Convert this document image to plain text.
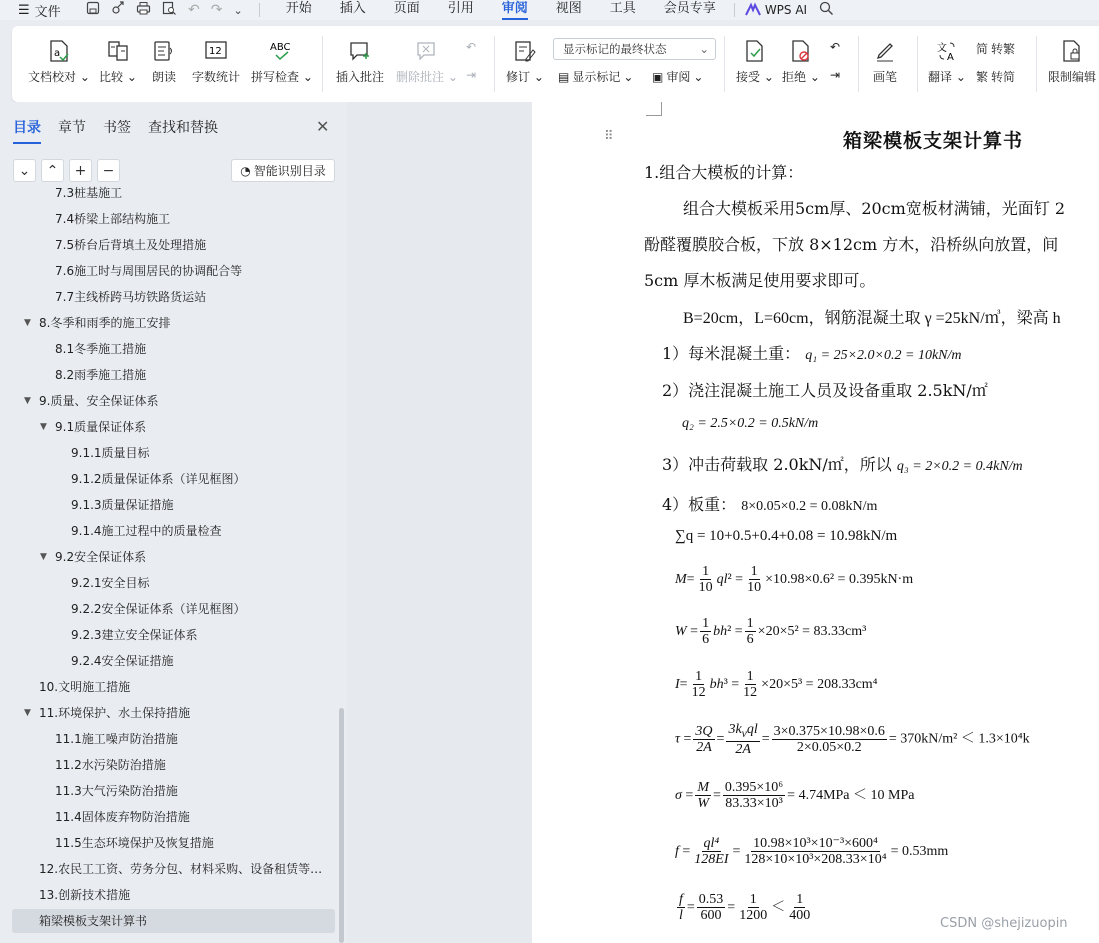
☰ 文件	↶ ↷ ⌄	开始	插入	页面	引用	审阅	视图	工具	会员专享	WPS AI
a
文档校对 ⌄ 比较 ⌄ 朗读
12
字数统计
ABC
拼写检查 ⌄ 插入批注 删除批注 ⌄
↶
⇥ 修订 ⌄
显示标记的最终状态	⌄
▤ 显示标记 ⌄ ▣ 审阅 ⌄	接受 ⌄ 拒绝 ⌄
↶
⇥	画笔
文
A
翻译 ⌄
简 转繁
繁 转简	限制编辑
目录 章节 书签 查找和替换	✕
⌄ ⌃ + −	◔ 智能识别目录
7.3桩基施工
7.4桥梁上部结构施工
7.5桥台后背填土及处理措施
7.6施工时与周围居民的协调配合等
7.7主线桥跨马坊铁路货运站
▼ 8.冬季和雨季的施工安排
8.1冬季施工措施
8.2雨季施工措施
▼ 9.质量、安全保证体系
▼ 9.1质量保证体系
9.1.1质量目标
9.1.2质量保证体系（详见框图）
9.1.3质量保证措施
9.1.4施工过程中的质量检查
▼ 9.2安全保证体系
9.2.1安全目标
9.2.2安全保证体系（详见框图）
9.2.3建立安全保证体系
9.2.4安全保证措施
10.文明施工措施
▼ 11.环境保护、水土保持措施
11.1施工噪声防治措施
11.2水污染防治措施
11.3大气污染防治措施
11.4固体废弃物防治措施
11.5生态环境保护及恢复措施
12.农民工工资、劳务分包、材料采购、设备租赁等…
13.创新技术措施
箱梁模板支架计算书
⠿	箱梁模板支架计算书
1.组合大模板的计算：
组合大模板采用5cm厚、20cm宽板材满铺，光面钉 2
酚醛覆膜胶合板，下放 8×12cm 方木，沿桥纵向放置，间
5cm 厚木板满足使用要求即可。
B=20cm，L=60cm，钢筋混凝土取 γ =25kN/㎥，梁高 h
1）每米混凝土重： q₁ = 25×2.0×0.2 = 10kN/m
2）浇注混凝土施工人员及设备重取 2.5kN/㎡
q₂ = 2.5×0.2 = 0.5kN/m
3）冲击荷载取 2.0kN/㎡，所以 q₃ = 2×0.2 = 0.4kN/m
4）板重： 8×0.05×0.2 = 0.08kN/m
∑q = 10+0.5+0.4+0.08 = 10.98kN/m
$M= \frac{1}{10} ql^2 = \frac{1}{10} \times 10.98\times 0.6^2 = 0.395kN\cdot m$
$W = \frac{1}{6} bh^2 = \frac{1}{6} \times 20\times 5^2 = 83.33cm^3$
$I= \frac{1}{12} bh^3 = \frac{1}{12} \times 20\times 5^3 = 208.33cm^4$
$\tau = \frac{3Q}{2A} = \frac{3k_vql}{2A} = \frac{3\times 0.375\times 10.98\times 0.6}{2\times 0.05\times 0.2} = 370kN/m^2 < 1.3\times 10^4k$
$\sigma = \frac{M}{W} = \frac{\text{0.395×10⁶}}{\text{83.33×10³}} = 4.74MPa < 10$ MPa
$f = \frac{\text{ql⁴}}{128EI} = \frac{\text{10.98×10³×10⁻³×600⁴}}{\text{128×10×10³×208.33×10⁴}} = 0.53mm$
$\frac{f}{l} = \frac{0.53}{600} = \frac{1}{1200} < \frac{1}{400}$	CSDN @shejizuopin
